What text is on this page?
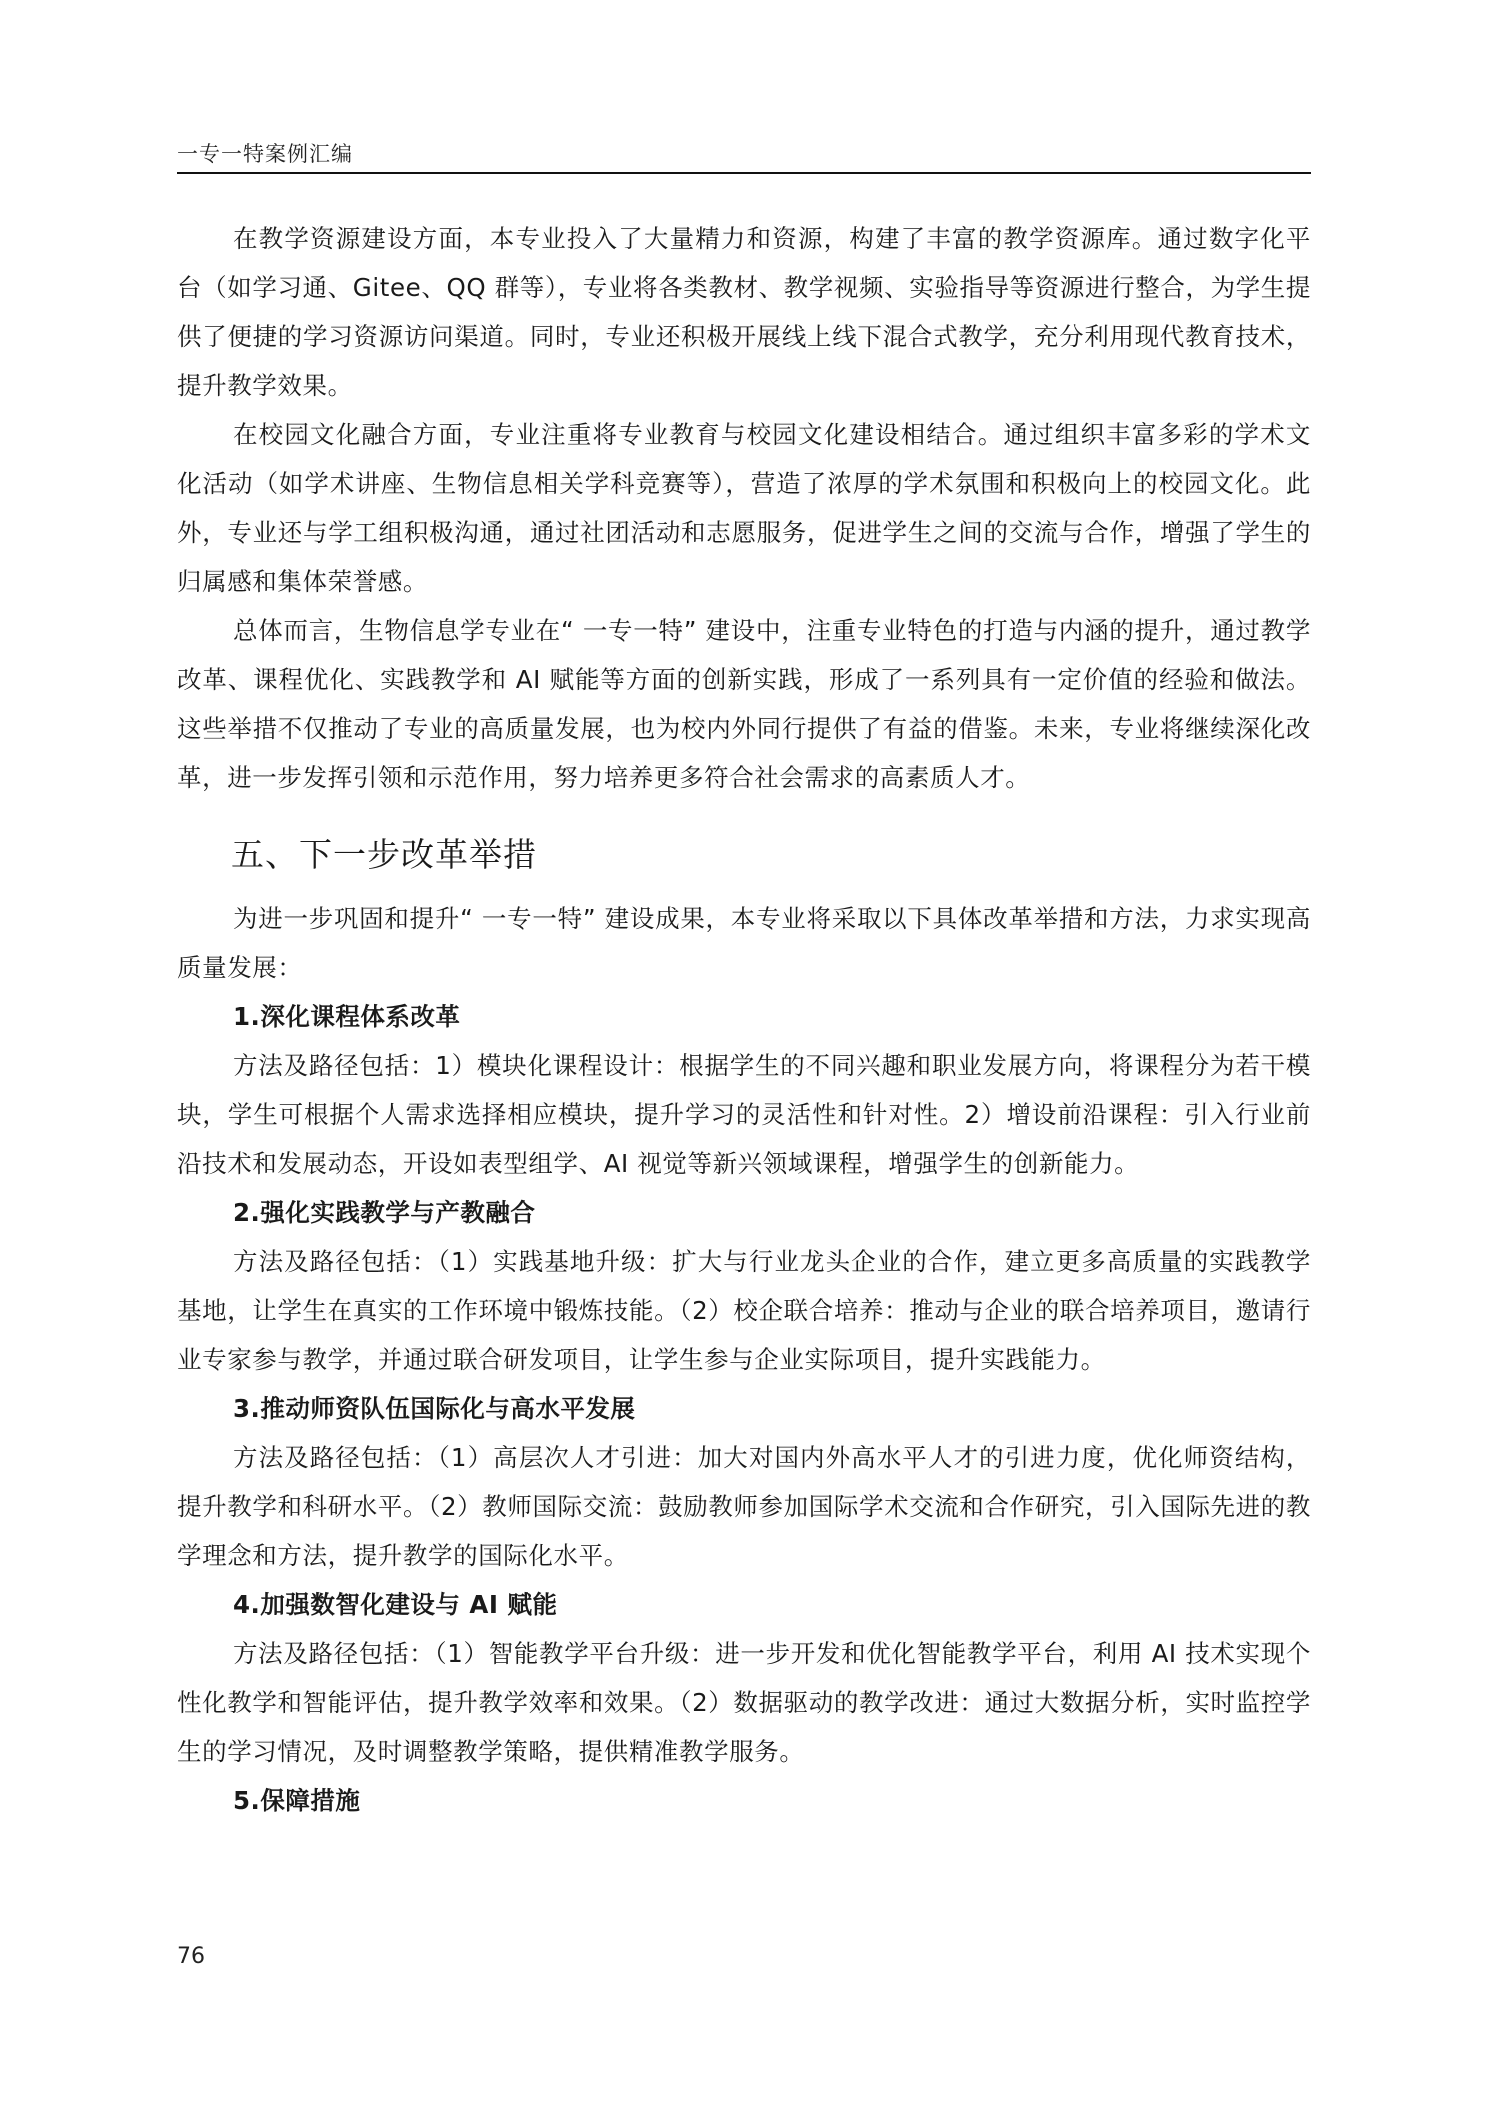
一专一特案例汇编

在教学资源建设方面，本专业投入了大量精力和资源，构建了丰富的教学资源库。通过数字化平台（如学习通、Gitee、QQ 群等），专业将各类教材、教学视频、实验指导等资源进行整合，为学生提供了便捷的学习资源访问渠道。同时，专业还积极开展线上线下混合式教学，充分利用现代教育技术，提升教学效果。

在校园文化融合方面，专业注重将专业教育与校园文化建设相结合。通过组织丰富多彩的学术文化活动（如学术讲座、生物信息相关学科竞赛等），营造了浓厚的学术氛围和积极向上的校园文化。此外，专业还与学工组积极沟通，通过社团活动和志愿服务，促进学生之间的交流与合作，增强了学生的归属感和集体荣誉感。

总体而言，生物信息学专业在“ 一专一特” 建设中，注重专业特色的打造与内涵的提升，通过教学改革、课程优化、实践教学和 AI 赋能等方面的创新实践，形成了一系列具有一定价值的经验和做法。这些举措不仅推动了专业的高质量发展，也为校内外同行提供了有益的借鉴。未来，专业将继续深化改革，进一步发挥引领和示范作用，努力培养更多符合社会需求的高素质人才。

五、下一步改革举措

为进一步巩固和提升“ 一专一特” 建设成果，本专业将采取以下具体改革举措和方法，力求实现高质量发展：

1.深化课程体系改革

方法及路径包括：1）模块化课程设计：根据学生的不同兴趣和职业发展方向，将课程分为若干模块，学生可根据个人需求选择相应模块，提升学习的灵活性和针对性。2）增设前沿课程：引入行业前沿技术和发展动态，开设如表型组学、AI 视觉等新兴领域课程，增强学生的创新能力。

2.强化实践教学与产教融合

方法及路径包括：（1）实践基地升级：扩大与行业龙头企业的合作，建立更多高质量的实践教学基地，让学生在真实的工作环境中锻炼技能。（2）校企联合培养：推动与企业的联合培养项目，邀请行业专家参与教学，并通过联合研发项目，让学生参与企业实际项目，提升实践能力。

3.推动师资队伍国际化与高水平发展

方法及路径包括：（1）高层次人才引进：加大对国内外高水平人才的引进力度，优化师资结构，提升教学和科研水平。（2）教师国际交流：鼓励教师参加国际学术交流和合作研究，引入国际先进的教学理念和方法，提升教学的国际化水平。

4.加强数智化建设与 AI 赋能

方法及路径包括：（1）智能教学平台升级：进一步开发和优化智能教学平台，利用 AI 技术实现个性化教学和智能评估，提升教学效率和效果。（2）数据驱动的教学改进：通过大数据分析，实时监控学生的学习情况，及时调整教学策略，提供精准教学服务。

5.保障措施
76
